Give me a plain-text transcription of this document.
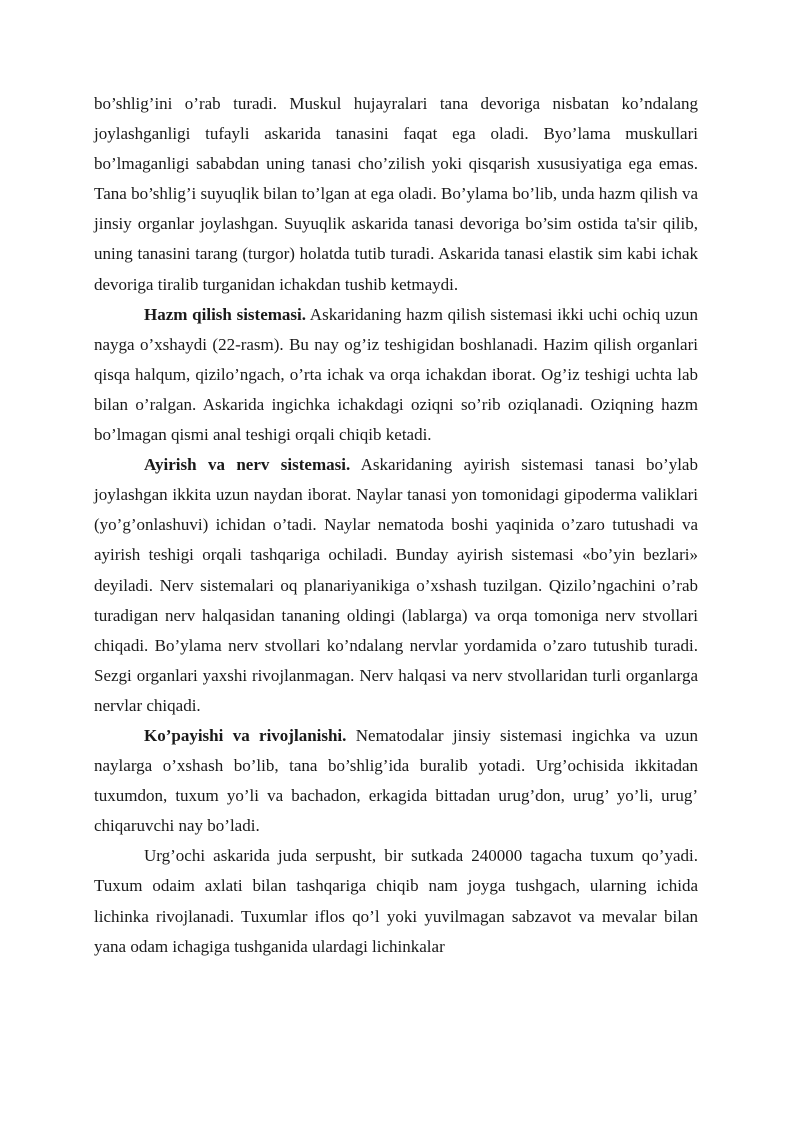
bo’shlig’ini o’rab turadi. Muskul hujayralari tana devoriga nisbatan ko’ndalang joylashganligi tufayli askarida tanasini faqat ega oladi. Byo’lama muskullari bo’lmaganligi sababdan uning tanasi cho’zilish yoki qisqarish xususiyatiga ega emas. Tana bo’shlig’i suyuqlik bilan to’lgan at ega oladi. Bo’ylama bo’lib, unda hazm qilish va jinsiy organlar joylashgan. Suyuqlik askarida tanasi devoriga bo’sim ostida ta'sir qilib, uning tanasini tarang (turgor) holatda tutib turadi. Askarida tanasi elastik sim kabi ichak devoriga tiralib turganidan ichakdan tushib ketmaydi.

Hazm qilish sistemasi. Askaridaning hazm qilish sistemasi ikki uchi ochiq uzun nayga o’xshaydi (22-rasm). Bu nay og’iz teshigidan boshlanadi. Hazim qilish organlari qisqa halqum, qizilo’ngach, o’rta ichak va orqa ichakdan iborat. Og’iz teshigi uchta lab bilan o’ralgan. Askarida ingichka ichakdagi oziqni so’rib oziqlanadi. Oziqning hazm bo’lmagan qismi anal teshigi orqali chiqib ketadi.

Ayirish va nerv sistemasi. Askaridaning ayirish sistemasi tanasi bo’ylab joylashgan ikkita uzun naydan iborat. Naylar tanasi yon tomonidagi gipoderma valiklari (yo’g’onlashuvi) ichidan o’tadi. Naylar nematoda boshi yaqinida o’zaro tutushadi va ayirish teshigi orqali tashqariga ochiladi. Bunday ayirish sistemasi «bo’yin bezlari» deyiladi. Nerv sistemalari oq planariyanikiga o’xshash tuzilgan. Qizilo’ngachini o’rab turadigan nerv halqasidan tananing oldingi (lablarga) va orqa tomoniga nerv stvollari chiqadi. Bo’ylama nerv stvollari ko’ndalang nervlar yordamida o’zaro tutushib turadi. Sezgi organlari yaxshi rivojlanmagan. Nerv halqasi va nerv stvollaridan turli organlarga nervlar chiqadi.

Ko’payishi va rivojlanishi. Nematodalar jinsiy sistemasi ingichka va uzun naylarga o’xshash bo’lib, tana bo’shlig’ida buralib yotadi. Urg’ochisida ikkitadan tuxumdon, tuxum yo’li va bachadon, erkagida bittadan urug’don, urug’ yo’li, urug’ chiqaruvchi nay bo’ladi.

Urg’ochi askarida juda serpusht, bir sutkada 240000 tagacha tuxum qo’yadi. Tuxum odaim axlati bilan tashqariga chiqib nam joyga tushgach, ularning ichida lichinka rivojlanadi. Tuxumlar iflos qo’l yoki yuvilmagan sabzavot va mevalar bilan yana odam ichagiga tushganida ulardagi lichinkalar
